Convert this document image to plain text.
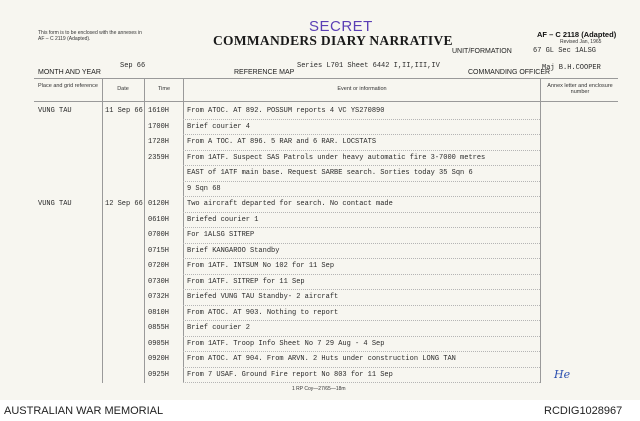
This form is to be enclosed with the annexes in AF – C 2119 (Adapted).
SECRET
COMMANDERS DIARY NARRATIVE	AF – C 2118 (Adapted)
Revised Jan, 1965
UNIT/FORMATION	67 GL Sec 1ALSG
MONTH AND YEAR
Sep 66
REFERENCE MAP
Series L701 Sheet 6442 I,II,III,IV
COMMANDING OFFICER
Maj B.H.COOPER
Place and grid reference	Date	Time	Event or information	Annex letter and enclosure number
VUNG TAU	11 Sep 66 1610H	From ATOC. AT 892. POSSUM reports 4 VC YS270890
1700H	Brief courier 4
1728H	From A TOC. AT 896. 5 RAR and 6 RAR. LOCSTATS
2359H	From 1ATF. Suspect SAS Patrols under heavy automatic fire 3-7000 metres
EAST of 1ATF main base. Request SARBE search. Sorties today 35 Sqn 6
9 Sqn 68
VUNG TAU	12 Sep 66 0120H	Two aircraft departed for search. No contact made
0610H	Briefed courier 1
0700H	For 1ALSG SITREP
0715H	Brief KANGAROO Standby
0720H	From 1ATF. INTSUM No 102 for 11 Sep
0730H	From 1ATF. SITREP for 11 Sep
0732H	Briefed VUNG TAU Standby- 2 aircraft
0810H	From ATOC. AT 903. Nothing to report
0855H	Brief courier 2
0905H	From 1ATF. Troop Info Sheet No 7 29 Aug - 4 Sep
0920H	From ATOC. AT 904. From ARVN. 2 Huts under construction LONG TAN
0925H	From 7 USAF. Ground Fire report No 803 for 11 Sep	He
1 RP Coy—27/65—18m
AUSTRALIAN WAR MEMORIAL	RCDIG1028967
